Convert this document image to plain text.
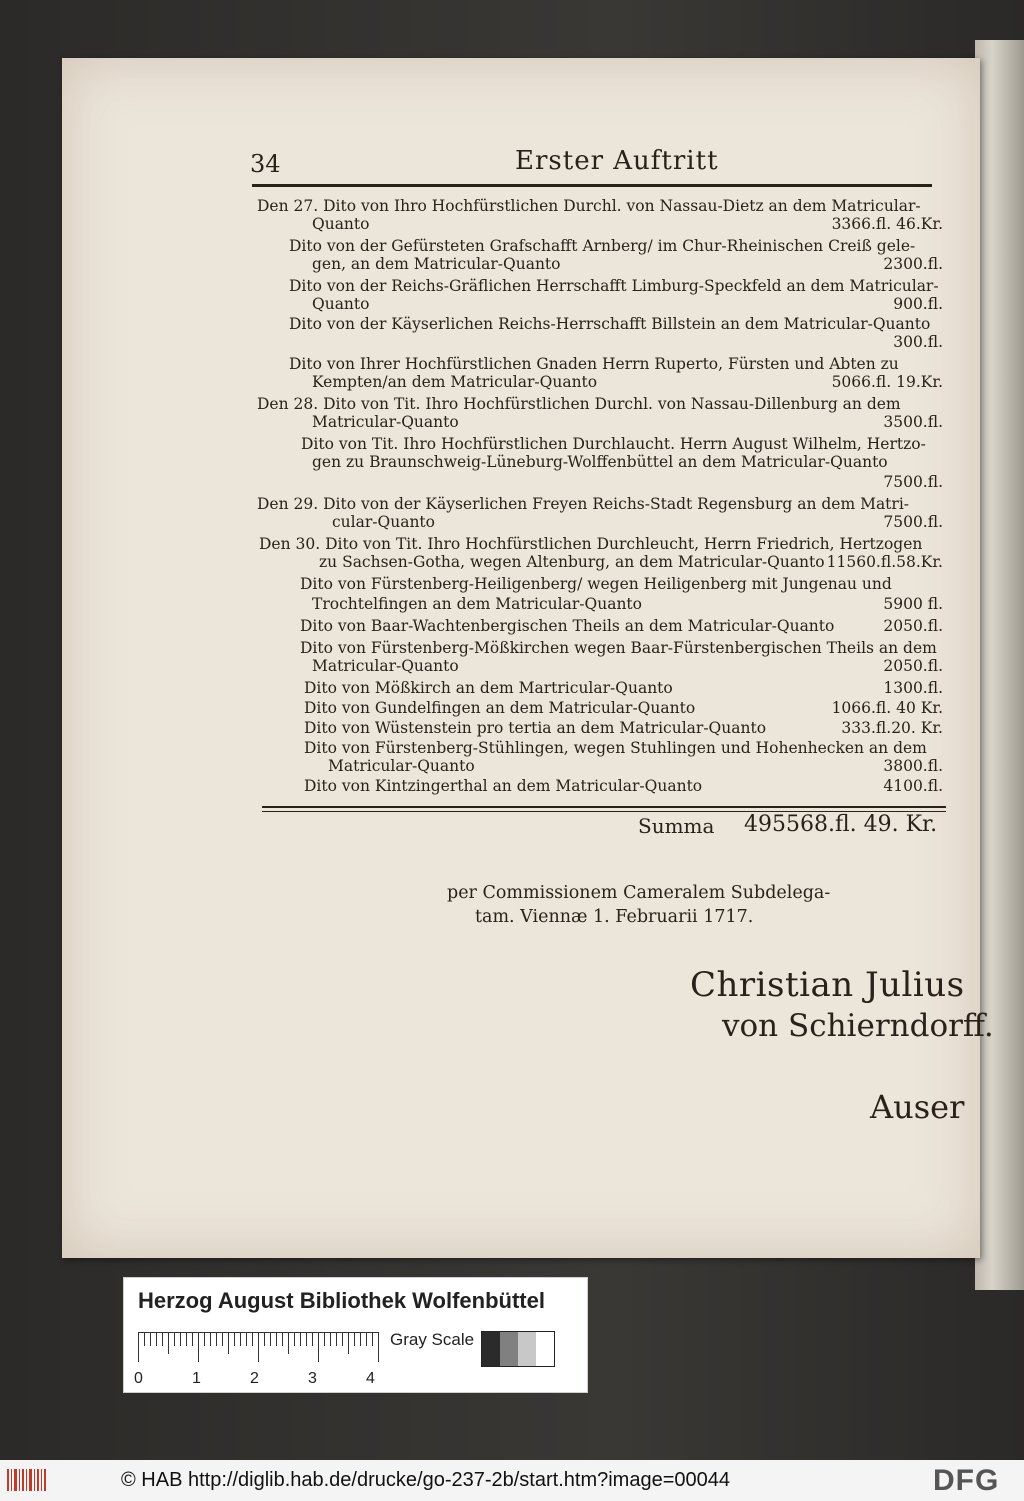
34	Erster Auftritt
Den 27. Dito von Ihro Hochfürstlichen Durchl. von Nassau-Dietz an dem Matricular-
Quanto	3366.fl. 46.Kr.
Dito von der Gefürsteten Grafschafft Arnberg/ im Chur-Rheinischen Creiß gele-
gen, an dem Matricular-Quanto	2300.fl.
Dito von der Reichs-Gräflichen Herrschafft Limburg-Speckfeld an dem Matricular-
Quanto	900.fl.
Dito von der Käyserlichen Reichs-Herrschafft Billstein an dem Matricular-Quanto
300.fl.
Dito von Ihrer Hochfürstlichen Gnaden Herrn Ruperto, Fürsten und Abten zu
Kempten/an dem Matricular-Quanto	5066.fl. 19.Kr.
Den 28. Dito von Tit. Ihro Hochfürstlichen Durchl. von Nassau-Dillenburg an dem
Matricular-Quanto	3500.fl.
Dito von Tit. Ihro Hochfürstlichen Durchlaucht. Herrn August Wilhelm, Hertzo-
gen zu Braunschweig-Lüneburg-Wolffenbüttel an dem Matricular-Quanto
7500.fl.
Den 29. Dito von der Käyserlichen Freyen Reichs-Stadt Regensburg an dem Matri-
cular-Quanto	7500.fl.
Den 30. Dito von Tit. Ihro Hochfürstlichen Durchleucht, Herrn Friedrich, Hertzogen
zu Sachsen-Gotha, wegen Altenburg, an dem Matricular-Quanto 11560.fl.58.Kr.
Dito von Fürstenberg-Heiligenberg/ wegen Heiligenberg mit Jungenau und
Trochtelfingen an dem Matricular-Quanto	5900 fl.
Dito von Baar-Wachtenbergischen Theils an dem Matricular-Quanto	2050.fl.
Dito von Fürstenberg-Mößkirchen wegen Baar-Fürstenbergischen Theils an dem
Matricular-Quanto	2050.fl.
Dito von Mößkirch an dem Martricular-Quanto	1300.fl.
Dito von Gundelfingen an dem Matricular-Quanto	1066.fl. 40 Kr.
Dito von Wüstenstein pro tertia an dem Matricular-Quanto	333.fl.20. Kr.
Dito von Fürstenberg-Stühlingen, wegen Stuhlingen und Hohenhecken an dem
Matricular-Quanto	3800.fl.
Dito von Kintzingerthal an dem Matricular-Quanto	4100.fl.
Summa 495568.fl. 49. Kr.
per Commissionem Cameralem Subdelega-
tam. Viennæ 1. Februarii 1717.
Christian Julius
von Schierndorff.
Auser
Herzog August Bibliothek Wolfenbüttel
0	1	2	3	4
Gray Scale
© HAB http://diglib.hab.de/drucke/go-237-2b/start.htm?image=00044	DFG
